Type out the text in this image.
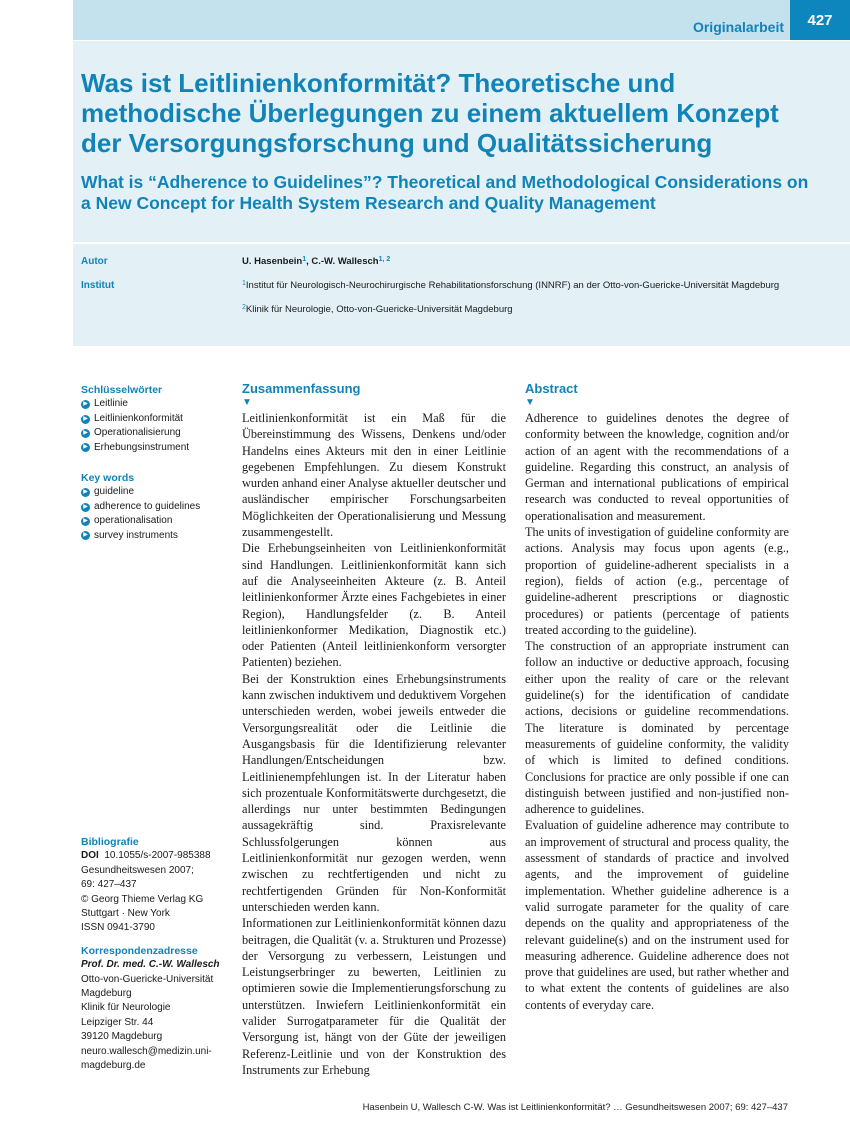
Originalarbeit	427
Was ist Leitlinienkonformität? Theoretische und methodische Überlegungen zu einem aktuellem Konzept der Versorgungsforschung und Qualitätssicherung
What is “Adherence to Guidelines”? Theoretical and Methodological Considerations on a New Concept for Health System Research and Quality Management
Autor	U. Hasenbein$^1$, C.-W. Wallesch$^{1, 2}$
Institut	$^1$Institut für Neurologisch-Neurochirurgische Rehabilitationsforschung (INNRF) an der Otto-von-Guericke-Universität Magdeburg
$^2$Klinik für Neurologie, Otto-von-Guericke-Universität Magdeburg
Schlüsselwörter
▶ Leitlinie
▶ Leitlinienkonformität
▶ Operationalisierung
▶ Erhebungsinstrument
Key words
▶ guideline
▶ adherence to guidelines
▶ operationalisation
▶ survey instruments
Bibliografie
DOI 10.1055/s-2007-985388
Gesundheitswesen 2007;
69: 427–437
© Georg Thieme Verlag KG
Stuttgart · New York
ISSN 0941-3790
Korrespondenzadresse
Prof. Dr. med. C.-W. Wallesch
Otto-von-Guericke-Universität
Magdeburg
Klinik für Neurologie
Leipziger Str. 44
39120 Magdeburg
neuro.wallesch@medizin.uni-
magdeburg.de
Zusammenfassung
▼

Leitlinienkonformität ist ein Maß für die Übereinstimmung des Wissens, Denkens und/oder Handelns eines Akteurs mit den in einer Leitlinie gegebenen Empfehlungen. Zu diesem Konstrukt wurden anhand einer Analyse aktueller deutscher und ausländischer empirischer Forschungsarbeiten Möglichkeiten der Operationalisierung und Messung zusammengestellt.

Die Erhebungseinheiten von Leitlinienkonformität sind Handlungen. Leitlinienkonformität kann sich auf die Analyseeinheiten Akteure (z. B. Anteil leitlinienkonformer Ärzte eines Fachgebietes in einer Region), Handlungsfelder (z. B. Anteil leitlinienkonformer Medikation, Diagnostik etc.) oder Patienten (Anteil leitlinienkonform versorgter Patienten) beziehen.

Bei der Konstruktion eines Erhebungsinstruments kann zwischen induktivem und deduktivem Vorgehen unterschieden werden, wobei jeweils entweder die Versorgungsrealität oder die Leitlinie die Ausgangsbasis für die Identifizierung relevanter Handlungen/Entscheidungen bzw. Leitlinienempfehlungen ist. In der Literatur haben sich prozentuale Konformitätswerte durchgesetzt, die allerdings nur unter bestimmten Bedingungen aussagekräftig sind. Praxisrelevante Schlussfolgerungen können aus Leitlinienkonformität nur gezogen werden, wenn zwischen zu rechtfertigenden und nicht zu rechtfertigenden Gründen für Non-Konformität unterschieden werden kann.

Informationen zur Leitlinienkonformität können dazu beitragen, die Qualität (v. a. Strukturen und Prozesse) der Versorgung zu verbessern, Leistungen und Leistungserbringer zu bewerten, Leitlinien zu optimieren sowie die Implementierungsforschung zu unterstützen. Inwiefern Leitlinienkonformität ein valider Surrogatparameter für die Qualität der Versorgung ist, hängt von der Güte der jeweiligen Referenz-Leitlinie und von der Konstruktion des Instruments zur Erhebung

Abstract
▼

Adherence to guidelines denotes the degree of conformity between the knowledge, cognition and/or action of an agent with the recommendations of a guideline. Regarding this construct, an analysis of German and international publications of empirical research was conducted to reveal opportunities of operationalisation and measurement.

The units of investigation of guideline conformity are actions. Analysis may focus upon agents (e.g., proportion of guideline-adherent specialists in a region), fields of action (e.g., percentage of guideline-adherent prescriptions or diagnostic procedures) or patients (percentage of patients treated according to the guideline).

The construction of an appropriate instrument can follow an inductive or deductive approach, focusing either upon the reality of care or the relevant guideline(s) for the identification of candidate actions, decisions or guideline recommendations. The literature is dominated by percentage measurements of guideline conformity, the validity of which is limited to defined conditions. Conclusions for practice are only possible if one can distinguish between justified and non-justified non-adherence to guidelines.

Evaluation of guideline adherence may contribute to an improvement of structural and process quality, the assessment of standards of practice and involved agents, and the improvement of guideline implementation. Whether guideline adherence is a valid surrogate parameter for the quality of care depends on the quality and appropriateness of the relevant guideline(s) and on the instrument used for measuring adherence. Guideline adherence does not prove that guidelines are used, but rather whether and to what extent the contents of guidelines are also contents of everyday care.

Hasenbein U, Wallesch C-W. Was ist Leitlinienkonformität? … Gesundheitswesen 2007; 69: 427–437
